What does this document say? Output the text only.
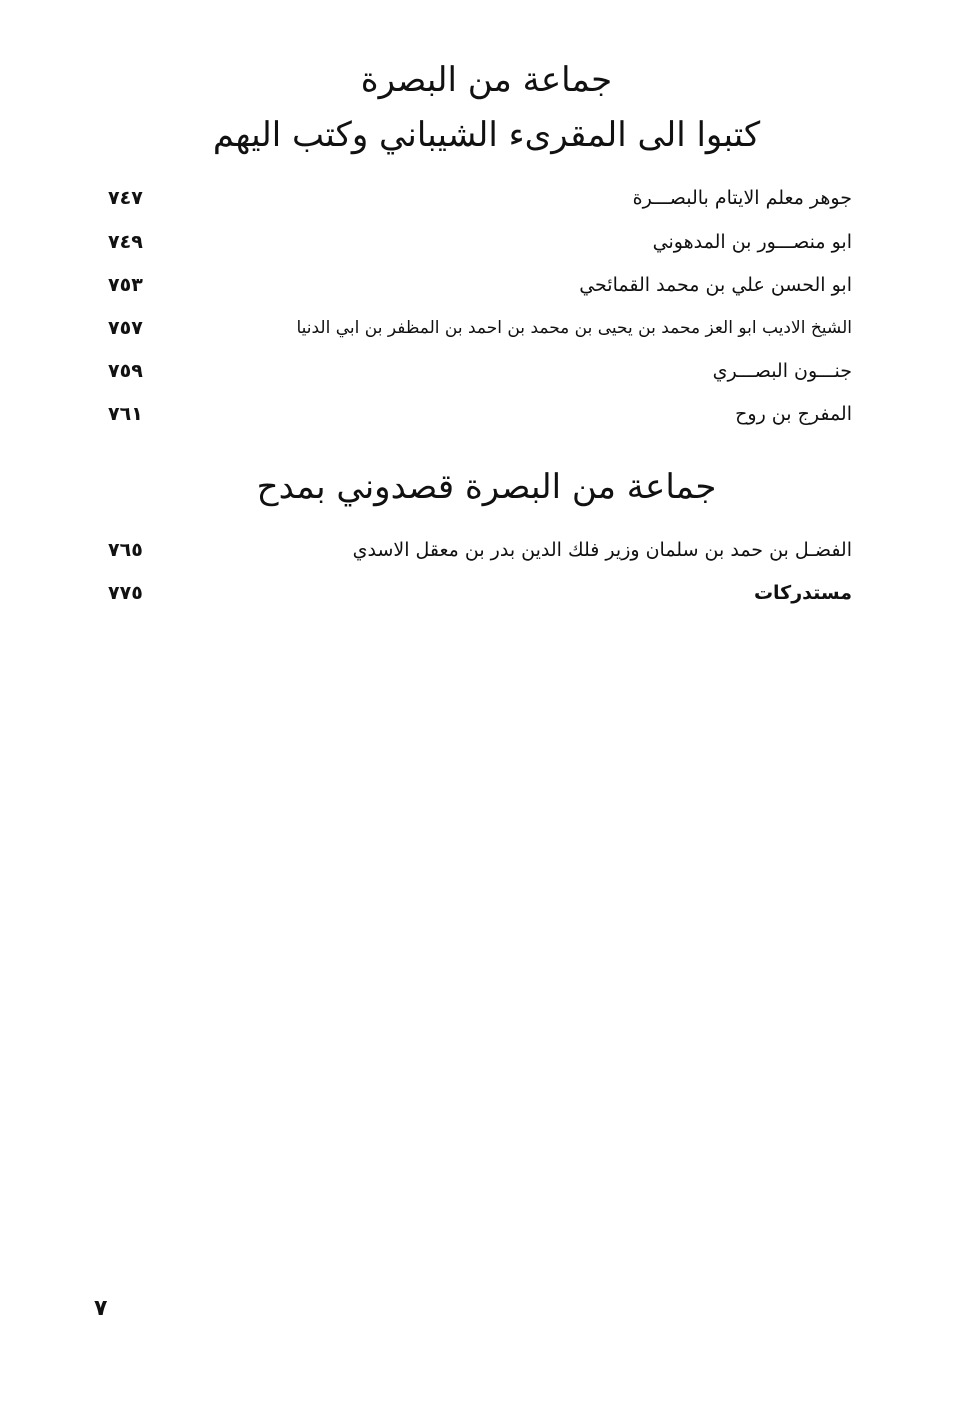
جماعة من البصرة
كتبوا الى المقرىء الشيباني وكتب اليهم
جوهر معلم الايتام بالبصـــرة
٧٤٧
ابو منصـــور بن المدهوني
٧٤٩
ابو الحسن علي بن محمد القمائحي
٧٥٣
الشيخ الاديب ابو العز محمد بن يحيى بن محمد بن احمد بن المظفر بن ابي الدنيا
٧٥٧
جنـــون البصـــري
٧٥٩
المفرج بن روح
٧٦١
جماعة من البصرة قصدوني بمدح
الفضـل بن حمد بن سلمان وزير فلك الدين بدر بن معقل الاسدي
٧٦٥
مستدركات
٧٧٥
٧
